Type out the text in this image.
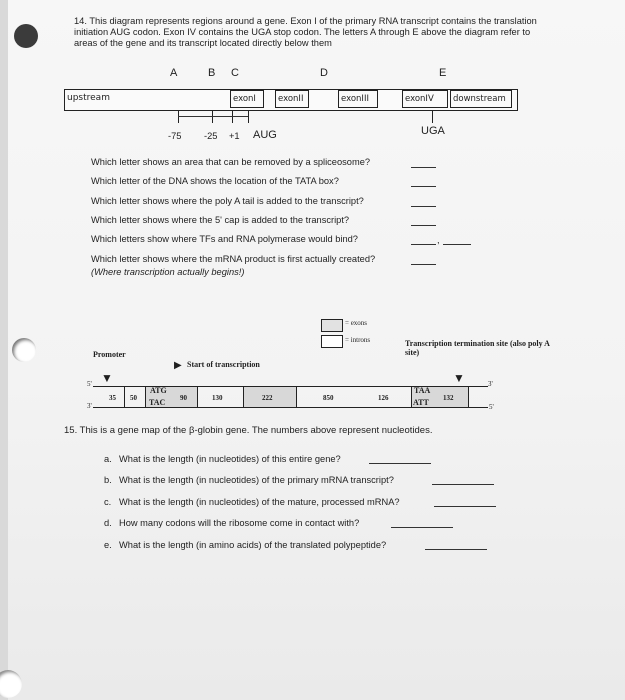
14. This diagram represents regions around a gene. Exon I of the primary RNA transcript contains the translation initiation AUG codon. Exon IV contains the UGA stop codon. The letters A through E above the diagram refer to areas of the gene and its transcript located directly below them
A	B C	D	E
upstream	exonI	exonII	exonIII	exonIV	downstream
-75 -25 +1 AUG	UGA
Which letter shows an area that can be removed by a spliceosome?
Which letter of the DNA shows the location of the TATA box?
Which letter shows where the poly A tail is added to the transcript?
Which letter shows where the 5' cap is added to the transcript?
Which letters show where TFs and RNA polymerase would bind?
Which letter shows where the mRNA product is first actually created?
(Where transcription actually begins!)
,
= exons
= introns
Promoter
Start of transcription
▶
Transcription termination site (also poly A site)
▼	▼
5'	3'
3'	5'
35 50
ATG
TAC 90	130	222	850	126
TAA
ATT 132
15. This is a gene map of the β-globin gene. The numbers above represent nucleotides.
a. What is the length (in nucleotides) of this entire gene?
b. What is the length (in nucleotides) of the primary mRNA transcript?
c. What is the length (in nucleotides) of the mature, processed mRNA?
d. How many codons will the ribosome come in contact with?
e. What is the length (in amino acids) of the translated polypeptide?
